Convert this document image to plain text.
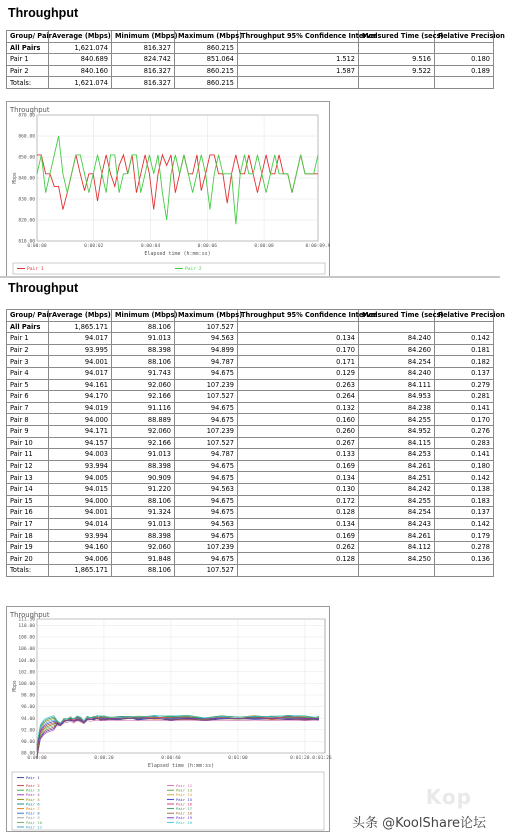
Throughput
Group/ Pair	Average (Mbps)	Minimum (Mbps)	Maximum (Mbps)	Throughput 95% Confidence Interval	Measured Time (secs)	Relative Precision
All Pairs	1,621.074	816.327	860.215			
Pair 1	840.689	824.742	851.064	1.512	9.516	0.180
Pair 2	840.160	816.327	860.215	1.587	9.522	0.189
Totals:	1,621.074	816.327	860.215			
Throughput
870.00
860.00
850.00
840.00
830.00
820.00
810.00
0:00:00	0:00:02	0:00:04	0:00:06	0:00:08	0:00:09.9
Elapsed time (h:mm:ss)
Mbps
Pair 1	Pair 2
Throughput
Group/ Pair	Average (Mbps)	Minimum (Mbps)	Maximum (Mbps)	Throughput 95% Confidence Interval	Measured Time (secs)	Relative Precision
All Pairs	1,865.171	88.106	107.527			
Pair 1	94.017	91.013	94.563	0.134	84.240	0.142
Pair 2	93.995	88.398	94.899	0.170	84.260	0.181
Pair 3	94.001	88.106	94.787	0.171	84.254	0.182
Pair 4	94.017	91.743	94.675	0.129	84.240	0.137
Pair 5	94.161	92.060	107.239	0.263	84.111	0.279
Pair 6	94.170	92.166	107.527	0.264	84.953	0.281
Pair 7	94.019	91.116	94.675	0.132	84.238	0.141
Pair 8	94.000	88.889	94.675	0.160	84.255	0.170
Pair 9	94.171	92.060	107.239	0.260	84.952	0.276
Pair 10	94.157	92.166	107.527	0.267	84.115	0.283
Pair 11	94.003	91.013	94.787	0.133	84.253	0.141
Pair 12	93.994	88.398	94.675	0.169	84.261	0.180
Pair 13	94.005	90.909	94.675	0.134	84.251	0.142
Pair 14	94.015	91.220	94.563	0.130	84.242	0.138
Pair 15	94.000	88.106	94.675	0.172	84.255	0.183
Pair 16	94.001	91.324	94.675	0.128	84.254	0.137
Pair 17	94.014	91.013	94.563	0.134	84.243	0.142
Pair 18	93.994	88.398	94.675	0.169	84.261	0.179
Pair 19	94.160	92.060	107.239	0.262	84.112	0.278
Pair 20	94.006	91.848	94.675	0.128	84.250	0.136
Totals:	1,865.171	88.106	107.527			
Throughput
111.10
110.00
108.00
106.00
104.00
102.00
100.00
98.00
96.00
94.00
92.00
90.00
88.00
0:00:00	0:00:20	0:00:40	0:01:00	0:01:20.0:01:26
Elapsed time (h:mm:ss)
Mbps
Pair 1
Pair 2
Pair 3
Pair 4
Pair 5
Pair 6
Pair 7
Pair 8
Pair 9
Pair 10
Pair 11
Pair 12
Pair 13
Pair 14
Pair 15
Pair 16
Pair 17
Pair 18
Pair 19
Pair 20
Kop
头条 @KoolShare论坛
